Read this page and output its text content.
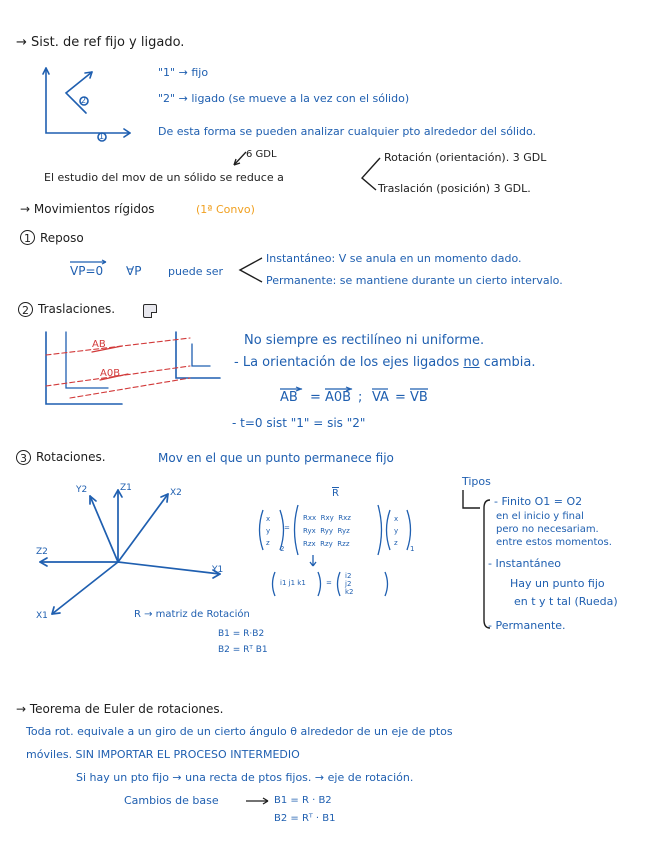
→ Sist. de ref fijo y ligado.
"1" → fijo
"2" → ligado (se mueve a la vez con el sólido)
De esta forma se pueden analizar cualquier pto alrededor del sólido.
2
1
6 GDL
El estudio del mov de un sólido se reduce a
Rotación (orientación). 3 GDL
Traslación (posición) 3 GDL.
→ Movimientos rígidos	(1ª Convo)
1 Reposo
VP=0 ∀P puede ser
Instantáneo: V se anula en un momento dado.
Permanente: se mantiene durante un cierto intervalo.
2 Traslaciones.
AB
A0B
No siempre es rectilíneo ni uniforme.
- La orientación de los ejes ligados no cambia.
AB = A0B ; VA = VB
- t=0 sist "1" = sis "2"
3 Rotaciones.	Mov en el que un punto permanece fijo
Y2	Z1	X2
Z2
Y1
X1
$\overline{R}$
x
y
z
2
=
Rxx Rxy Rxz
Ryx Ryy Ryz
Rzx Rzy Rzz
x
y
z
1
i1 j1 k1	=
i2
j2
k2
R → matriz de Rotación
B1 = R·B2
B2 = Rᵀ B1
Tipos
- Finito O1 = O2
en el inicio y final
pero no necesariam.
entre estos momentos.
- Instantáneo
Hay un punto fijo
en t y t tal (Rueda)
- Permanente.
→ Teorema de Euler de rotaciones.
Toda rot. equivale a un giro de un cierto ángulo θ alrededor de un eje de ptos
móviles. SIN IMPORTAR EL PROCESO INTERMEDIO
Si hay un pto fijo → una recta de ptos fijos. → eje de rotación.
Cambios de base	B1 = R · B2
B2 = Rᵀ · B1
